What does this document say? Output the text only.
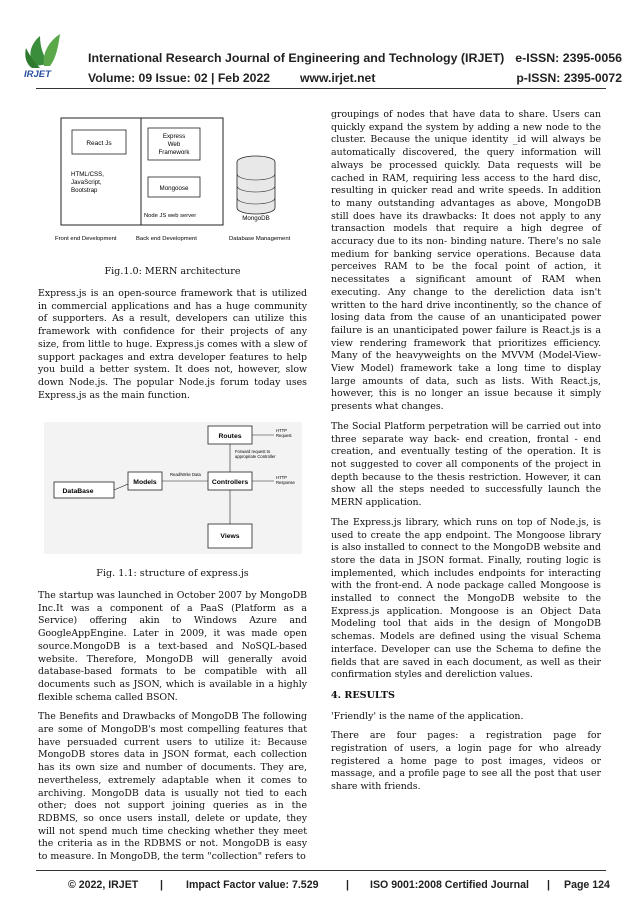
IRJET
International Research Journal of Engineering and Technology (IRJET) e-ISSN: 2395-0056
Volume: 09 Issue: 02 | Feb 2022 www.irjet.net	p-ISSN: 2395-0072
React Js
HTML/CSS,
JavaScript,
Bootstrap
Express
Web
Framework
Mongoose
Node JS web server	MongoDB
Front end Development	Back end Development	Database Management
Fig.1.0: MERN architecture

Express.js is an open-source framework that is utilized in commercial applications and has a huge community of supporters. As a result, developers can utilize this framework with confidence for their projects of any size, from little to huge. Express.js comes with a slew of support packages and extra developer features to help you build a better system. It does not, however, slow down Node.js. The popular Node.js forum today uses Express.js as the main function.

Routes
HTTP
Request
Forward request to
appropriate Controller
Models	Controllers
Read/Write Data
HTTP
Response
DataBase
Views
Fig. 1.1: structure of express.js

The startup was launched in October 2007 by MongoDB Inc.It was a component of a PaaS (Platform as a Service) offering akin to Windows Azure and GoogleAppEngine. Later in 2009, it was made open source.MongoDB is a text-based and NoSQL-based website. Therefore, MongoDB will generally avoid database-based formats to be compatible with all documents such as JSON, which is available in a highly flexible schema called BSON.

The Benefits and Drawbacks of MongoDB The following are some of MongoDB's most compelling features that have persuaded current users to utilize it: Because MongoDB stores data in JSON format, each collection has its own size and number of documents. They are, nevertheless, extremely adaptable when it comes to archiving. MongoDB data is usually not tied to each other; does not support joining queries as in the RDBMS, so once users install, delete or update, they will not spend much time checking whether they meet the criteria as in the RDBMS or not. MongoDB is easy to measure. In MongoDB, the term "collection" refers to

groupings of nodes that have data to share. Users can quickly expand the system by adding a new node to the cluster. Because the unique identity _id will always be automatically discovered, the query information will always be processed quickly. Data requests will be cached in RAM, requiring less access to the hard disc, resulting in quicker read and write speeds. In addition to many outstanding advantages as above, MongoDB still does have its drawbacks: It does not apply to any transaction models that require a high degree of accuracy due to its non- binding nature. There's no sale medium for banking service operations. Because data perceives RAM to be the focal point of action, it necessitates a significant amount of RAM when executing. Any change to the dereliction data isn't written to the hard drive incontinently, so the chance of losing data from the cause of an unanticipated power failure is an unanticipated power failure is React.js is a view rendering framework that prioritizes efficiency. Many of the heavyweights on the MVVM (Model-View-View Model) framework take a long time to display large amounts of data, such as lists. With React.js, however, this is no longer an issue because it simply presents what changes.

The Social Platform perpetration will be carried out into three separate way back- end creation, frontal - end creation, and eventually testing of the operation. It is not suggested to cover all components of the project in depth because to the thesis restriction. However, it can show all the steps needed to successfully launch the MERN application.

The Express.js library, which runs on top of Node.js, is used to create the app endpoint. The Mongoose library is also installed to connect to the MongoDB website and store the data in JSON format. Finally, routing logic is implemented, which includes endpoints for interacting with the front-end. A node package called Mongoose is installed to connect the MongoDB website to the Express.js application. Mongoose is an Object Data Modeling tool that aids in the design of MongoDB schemas. Models are defined using the visual Schema interface. Developer can use the Schema to define the fields that are saved in each document, as well as their confirmation styles and dereliction values.

4. RESULTS

'Friendly' is the name of the application.

There are four pages: a registration page for registration of users, a login page for who already registered a home page to post images, videos or massage, and a profile page to see all the post that user share with friends.

© 2022, IRJET | Impact Factor value: 7.529	| ISO 9001:2008 Certified Journal | Page 124
